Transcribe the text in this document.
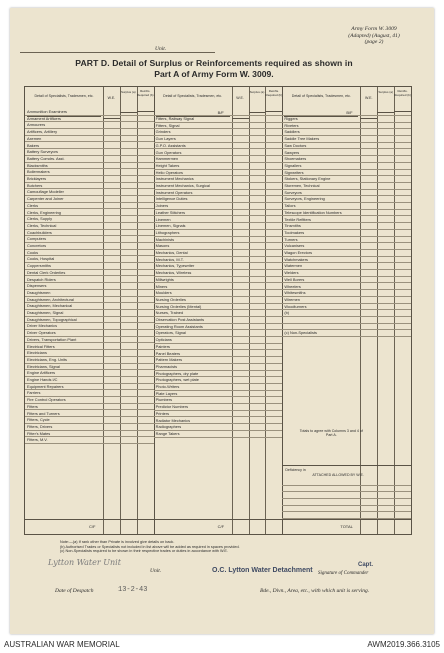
Unit.
Army Form W. 3009
(Adapted) (August, 41)
(page 2)
PART D. Detail of Surplus or Reinforcements required as shown in
Part A of Army Form W. 3009.
Detail of Specialists, Tradesmen, etc.	W.E.
Surplus (a)	Reinfts. Required (b)
Ammunition Examiners
Armament Artificers
Armourers
Artificers, Artillery
Axemen
Bakers
Battery Surveyors
Battery Comdrs. Asst.
Blacksmiths
Boilermakers
Bricklayers
Butchers
Camouflage Modeller
Carpenter and Joiner
Clerks
Clerks, Engineering
Clerks, Supply
Clerks, Technical
Coachbuilders
Computers
Concretors
Cooks
Cooks, Hospital
Coppersmiths
Dental Clerk Orderlies
Despatch Riders
Dispensers
Draughtsmen
Draughtsmen, Architectural
Draughtsmen, Mechanical
Draughtsmen, Signal
Draughtsmen, Topographical
Driver Mechanics
Driver Operators
Drivers, Transportation Plant
Electrical Fitters
Electricians
Electricians, Eng. Units
Electricians, Signal
Engine Artificers
Engine Hands I/C
Equipment Repairers
Farriers
Fire Control Operators
Fitters
Fitters and Turners
Fitters, Cycle
Fitters, Drivers
Fitter's Mates
Fitters, M.V.
C/F
Detail of Specialists, Tradesmen, etc.	W.E.
Surplus (a)	Reinfts. Required (b)
B/F
Fitters, Railway Signal
Fitters, Signal
Grinders
Gun Layers
G.P.O. Assistants
Gun Operators
Hammermen
Height Takers
Helio Operators
Instrument Mechanics
Instrument Mechanics, Surgical
Instrument Operators
Intelligence Duties
Joiners
Leather Stitchers
Linemen
Linemen, Signals
Lithographers
Machinists
Masons
Mechanics, Dental
Mechanics, M.T.
Mechanics, Typewriter
Mechanics, Wireless
Millwrights
Miners
Moulders
Nursing Orderlies
Nursing Orderlies (Mental)
Nurses, Trained
Observation Post Assistants
Operating Room Assistants
Operators, Signal
Opticians
Painters
Panel Beaters
Pattern Makers
Pharmacists
Photographers, dry plate
Photographers, wet plate
Photo-Writers
Plate Layers
Plumbers
Predictor Numbers
Printers
Radiator Mechanics
Radiographers
Range Takers
C/F
Detail of Specialists, Tradesmen, etc.	W.E.
Surplus (a)	Reinfts. Required (b)
B/F
Riggers
Riveters
Saddlers
Saddle Tree Makers
Saw Doctors
Sawyers
Shoemakers
Signallers
Signwriters
Stokers, Stationary Engine
Storemen, Technical
Surveyors
Surveyors, Engineering
Tailors
Telescope Identification Numbers
Textile Refitters
Tinsmiths
Toolmakers
Turners
Vulcanisers
Wagon Erectors
Watchmakers
Watermen
Welders
Well Borers
Wheelers
Whitesmiths
Wiremen
Woodturners
(b)
(c) Non-Specialists
TOTAL
Totals to agree with Columns 3 and 4 of Part A.
Deficiency in
ATTACHED ALLOWED BY W.E.
Note:—(a) If rank other than Private is involved give details on back.
(b) Authorised Trades or Specialists not included in list above will be added as required in spaces provided.
(c) Non-Specialists required to be shown in their respective trades or duties in accordance with W.E.
Lytton Water Unit
Unit.	O.C. Lytton Water Detachment
Capt.
Signature of Commander
Date of Despatch	13-2-43	Bde., Divn., Area, etc., with which unit is serving.
AUSTRALIAN WAR MEMORIAL	AWM2019.366.3105
